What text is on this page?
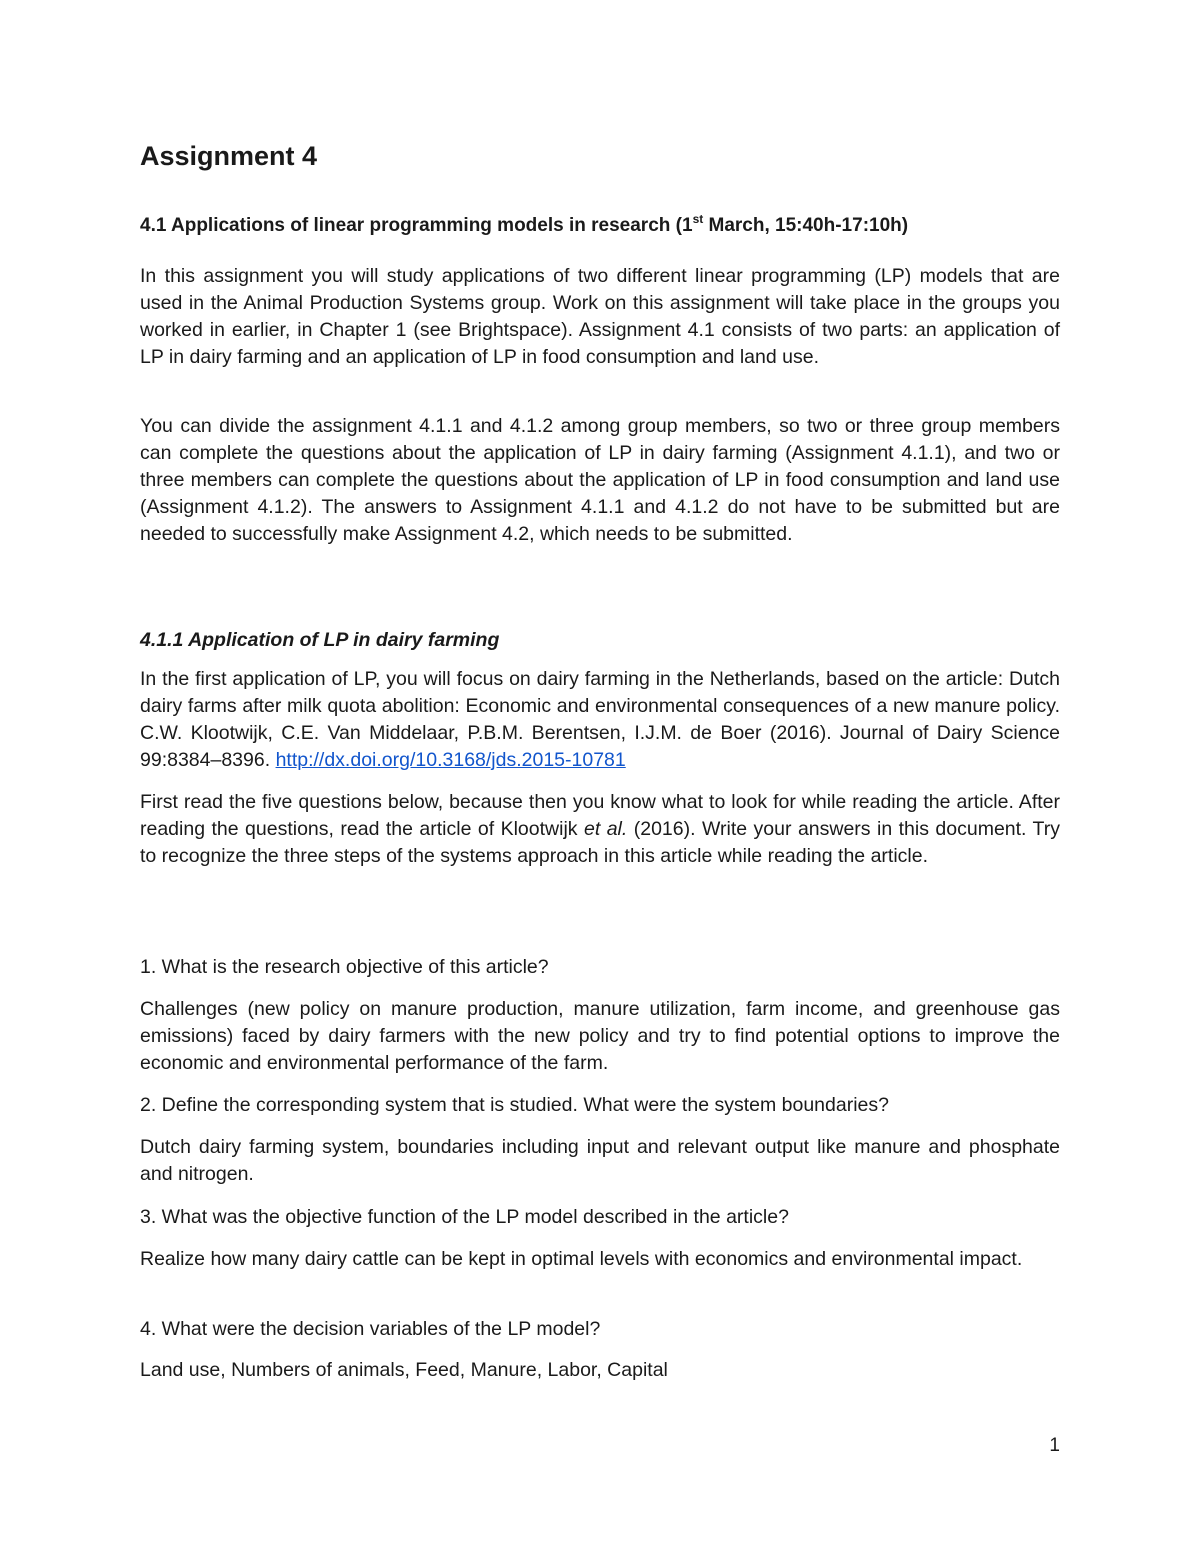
Assignment 4
4.1 Applications of linear programming models in research (1st March, 15:40h-17:10h)

In this assignment you will study applications of two different linear programming (LP) models that are used in the Animal Production Systems group. Work on this assignment will take place in the groups you worked in earlier, in Chapter 1 (see Brightspace). Assignment 4.1 consists of two parts: an application of LP in dairy farming and an application of LP in food consumption and land use.

You can divide the assignment 4.1.1 and 4.1.2 among group members, so two or three group members can complete the questions about the application of LP in dairy farming (Assignment 4.1.1), and two or three members can complete the questions about the application of LP in food consumption and land use (Assignment 4.1.2). The answers to Assignment 4.1.1 and 4.1.2 do not have to be submitted but are needed to successfully make Assignment 4.2, which needs to be submitted.

4.1.1 Application of LP in dairy farming

In the first application of LP, you will focus on dairy farming in the Netherlands, based on the article: Dutch dairy farms after milk quota abolition: Economic and environmental consequences of a new manure policy. C.W. Klootwijk, C.E. Van Middelaar, P.B.M. Berentsen, I.J.M. de Boer (2016). Journal of Dairy Science 99:8384–8396. http://dx.doi.org/10.3168/jds.2015-10781

First read the five questions below, because then you know what to look for while reading the article. After reading the questions, read the article of Klootwijk et al. (2016). Write your answers in this document. Try to recognize the three steps of the systems approach in this article while reading the article.

1. What is the research objective of this article?

Challenges (new policy on manure production, manure utilization, farm income, and greenhouse gas emissions) faced by dairy farmers with the new policy and try to find potential options to improve the economic and environmental performance of the farm.

2. Define the corresponding system that is studied. What were the system boundaries?

Dutch dairy farming system, boundaries including input and relevant output like manure and phosphate and nitrogen.

3. What was the objective function of the LP model described in the article?

Realize how many dairy cattle can be kept in optimal levels with economics and environmental impact.

4. What were the decision variables of the LP model?

Land use, Numbers of animals, Feed, Manure, Labor, Capital

1
